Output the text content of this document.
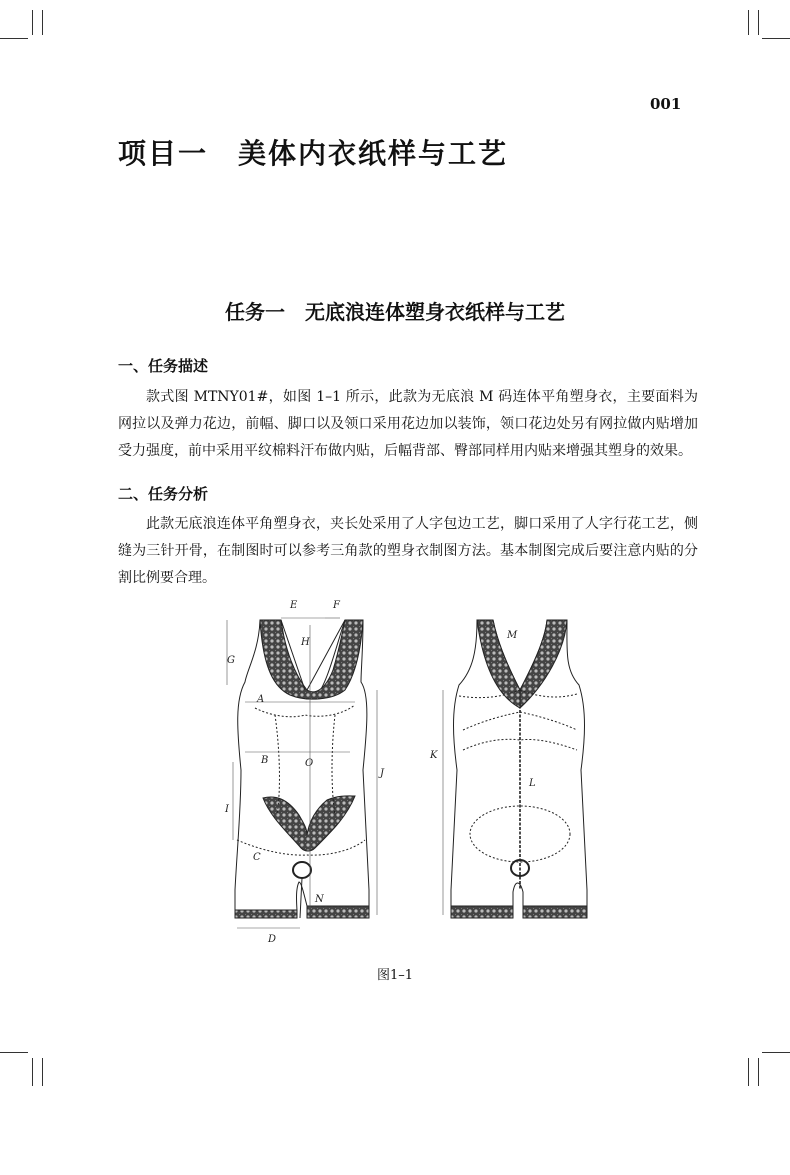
001
项目一 美体内衣纸样与工艺
任务一 无底浪连体塑身衣纸样与工艺
一、任务描述
款式图 MTNY01#，如图 1–1 所示，此款为无底浪 M 码连体平角塑身衣，主要面料为网拉以及弹力花边，前幅、脚口以及领口采用花边加以装饰，领口花边处另有网拉做内贴增加受力强度，前中采用平纹棉料汗布做内贴，后幅背部、臀部同样用内贴来增强其塑身的效果。
二、任务分析
此款无底浪连体平角塑身衣，夹长处采用了人字包边工艺，脚口采用了人字行花工艺，侧缝为三针开骨，在制图时可以参考三角款的塑身衣制图方法。基本制图完成后要注意内贴的分割比例要合理。
E	F
G
H
A
B	O
I
J
C
N
D
K
L
M
图1–1
